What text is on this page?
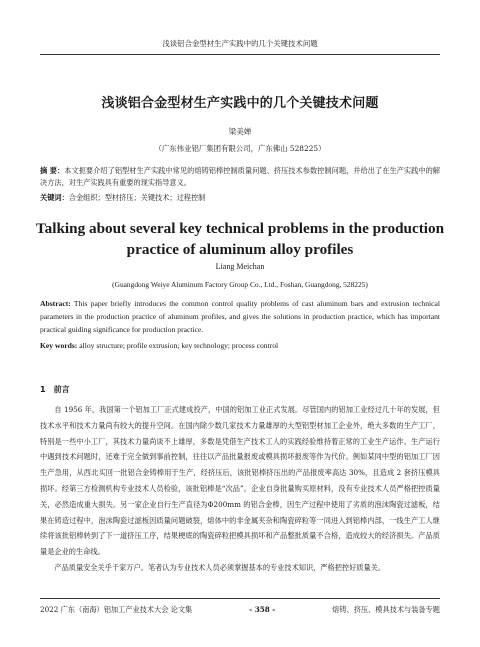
浅谈铝合金型材生产实践中的几个关键技术问题
浅谈铝合金型材生产实践中的几个关键技术问题
梁美婵
（广东伟业铝厂集团有限公司，广东佛山 528225）
摘 要：本文扼要介绍了铝型材生产实践中常见的熔铸铝棒控制质量问题、挤压技术参数控制问题，并给出了在生产实践中的解决方法，对生产实践具有重要的现实指导意义。
关键词：合金组织；型材挤压；关键技术；过程控制
Talking about several key technical problems in the production practice of aluminum alloy profiles
Liang Meichan
(Guangdong Weiye Aluminum Factory Group Co., Ltd., Foshan, Guangdong, 528225)
Abstract: This paper briefly introduces the common control quality problems of cast aluminum bars and extrusion technical parameters in the production practice of aluminum profiles, and gives the solutions in production practice, which has important practical guiding significance for production practice.
Key words: alloy structure; profile extrusion; key technology; process control
1　前言

自 1956 年，我国第一个铝加工厂正式建成投产，中国的铝加工业正式发展。尽管国内的铝加工业经过几十年的发展，但技术水平和技术力量尚有较大的提升空间。在国内除少数几家技术力量雄厚的大型铝型材加工企业外，绝大多数的生产工厂，特别是一些中小工厂，其技术力量尚谈不上雄厚，多数是凭借生产技术工人的实践经验维持着正常的工业生产运作。生产运行中遇到技术问题时，还难于完全做到事前控制，往往以产品批量报废或模具损坏报废等作为代价。例如某同中型的铝加工厂因生产急用，从西北买回一批铝合金铸棒用于生产，经挤压后，该批铝棒挤压出的产品报废率高达 30%，且造成 2 套挤压模具损坏。经第三方检测机构专业技术人员检验，该批铝棒是“次品”。企业自身批量购买原材料，没有专业技术人员严格把控质量关，必然造成重大损失。另一家企业自行生产直径为Φ200mm 的铝合金棒，因生产过程中使用了劣质的泡沫陶瓷过滤板，结果在铸造过程中，泡沫陶瓷过滤板因质量问题破裂，熔体中的非金属夹杂和陶瓷碎粒等一同进入到铝棒内部，一线生产工人继续将该批铝棒转到了下一道挤压工序，结果梗底的陶瓷碎粒把模具损坏和产品整批质量不合格，造成较大的经济损失。产品质量是企业的生命线。

产品质量安全关乎千家万户。笔者认为专业技术人员必须掌握基本的专业技术知识，严格把控好质量关。

2022 广东（南海）铝加工产业技术大会 论文集	- 358 -	熔铸、挤压、模具技术与装备专题
